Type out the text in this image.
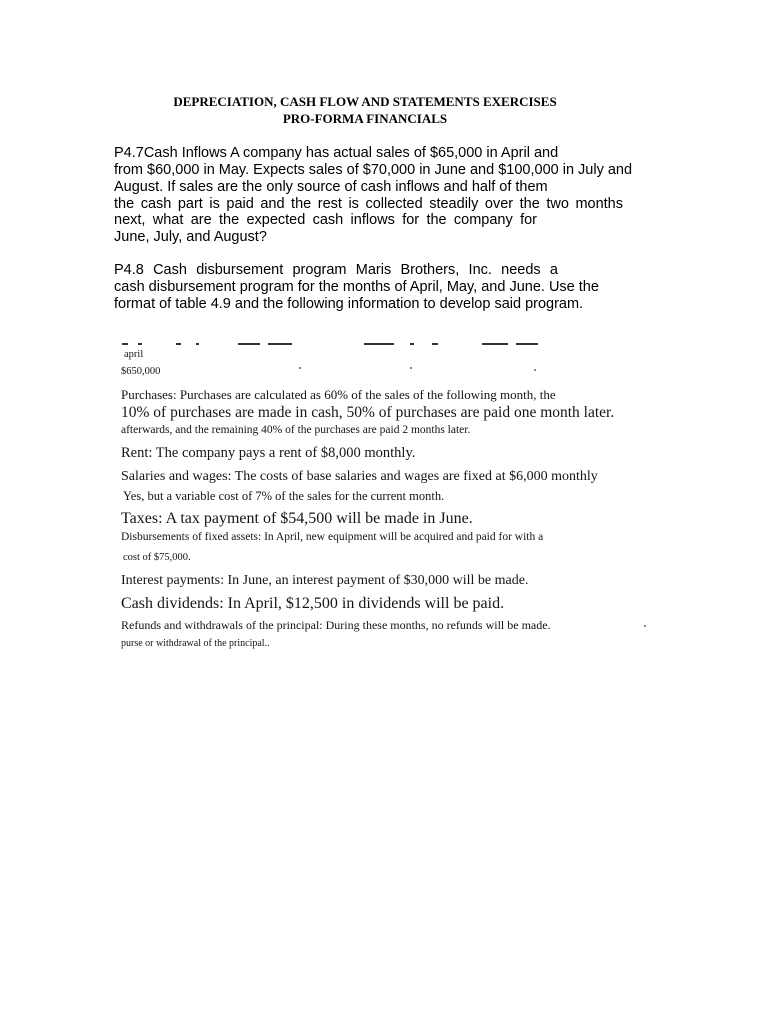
DEPRECIATION, CASH FLOW AND STATEMENTS EXERCISES
PRO-FORMA FINANCIALS
P4.7Cash Inflows A company has actual sales of $65,000 in April and
from $60,000 in May. Expects sales of $70,000 in June and $100,000 in July and
August. If sales are the only source of cash inflows and half of them
the cash part is paid and the rest is collected steadily over the two months
next, what are the expected cash inflows for the company for
June, July, and August?
P4.8 Cash disbursement program Maris Brothers, Inc. needs a
cash disbursement program for the months of April, May, and June. Use the
format of table 4.9 and the following information to develop said program.
april
$650,000
Purchases: Purchases are calculated as 60% of the sales of the following month, the
10% of purchases are made in cash, 50% of purchases are paid one month later.
afterwards, and the remaining 40% of the purchases are paid 2 months later.
Rent: The company pays a rent of $8,000 monthly.
Salaries and wages: The costs of base salaries and wages are fixed at $6,000 monthly
Yes, but a variable cost of 7% of the sales for the current month.
Taxes: A tax payment of $54,500 will be made in June.
Disbursements of fixed assets: In April, new equipment will be acquired and paid for with a
cost of $75,000.
Interest payments: In June, an interest payment of $30,000 will be made.
Cash dividends: In April, $12,500 in dividends will be paid.
Refunds and withdrawals of the principal: During these months, no refunds will be made.
purse or withdrawal of the principal..
